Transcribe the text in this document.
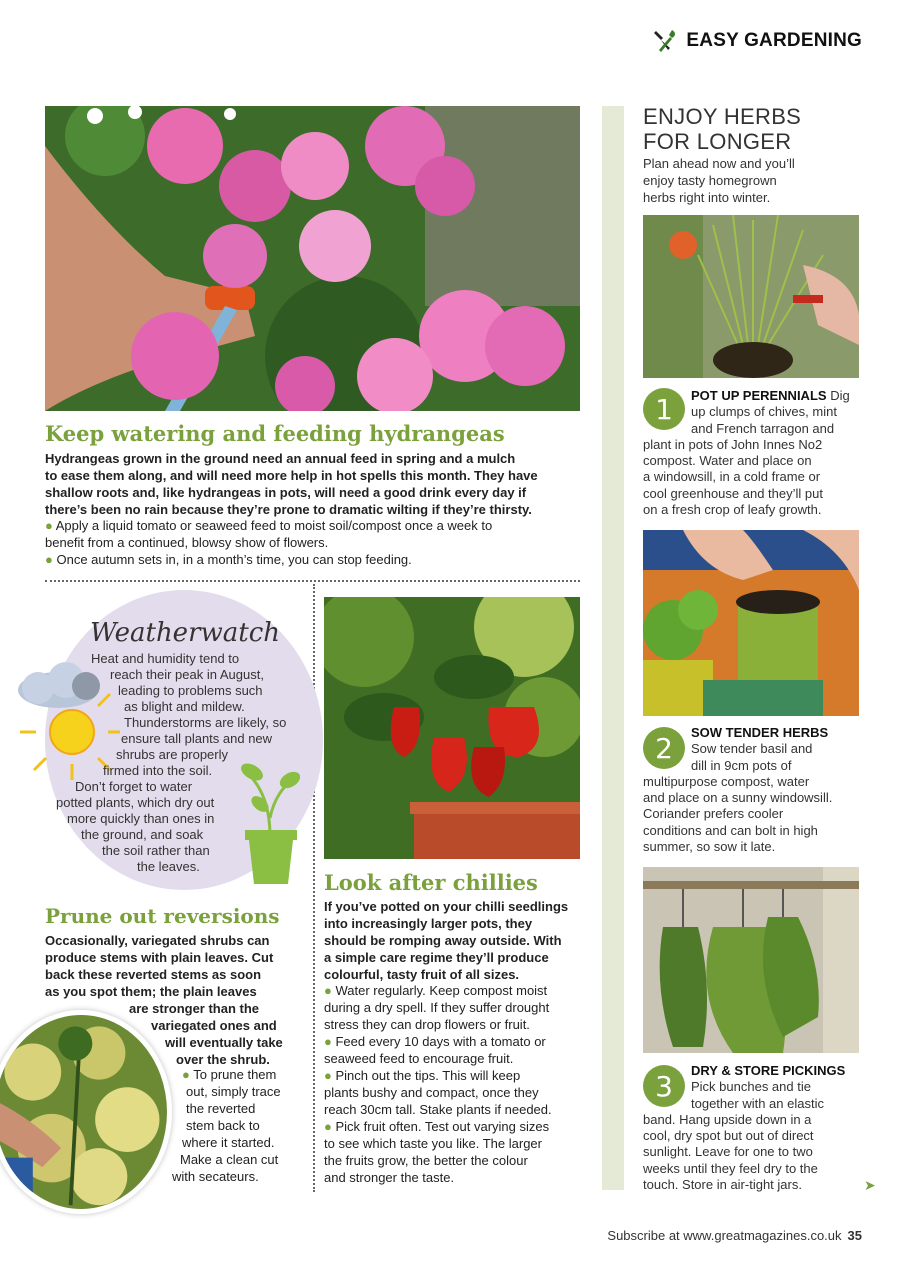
EASY GARDENING
Keep watering and feeding hydrangeas
Hydrangeas grown in the ground need an annual feed in spring and a mulch
to ease them along, and will need more help in hot spells this month. They have
shallow roots and, like hydrangeas in pots, will need a good drink every day if
there’s been no rain because they’re prone to dramatic wilting if they’re thirsty.
● Apply a liquid tomato or seaweed feed to moist soil/compost once a week to
benefit from a continued, blowsy show of flowers.
● Once autumn sets in, in a month’s time, you can stop feeding.
Weatherwatch
Heat and humidity tend to
reach their peak in August,
leading to problems such
as blight and mildew.
Thunderstorms are likely, so
ensure tall plants and new
shrubs are properly
firmed into the soil.
Don’t forget to water
potted plants, which dry out
more quickly than ones in
the ground, and soak
the soil rather than
the leaves.
Prune out reversions
Occasionally, variegated shrubs can
produce stems with plain leaves. Cut
back these reverted stems as soon
as you spot them; the plain leaves
are stronger than the
variegated ones and
will eventually take
over the shrub.
● To prune them
out, simply trace
the reverted
stem back to
where it started.
Make a clean cut
with secateurs.
Look after chillies
If you’ve potted on your chilli seedlings
into increasingly larger pots, they
should be romping away outside. With
a simple care regime they’ll produce
colourful, tasty fruit of all sizes.
● Water regularly. Keep compost moist
during a dry spell. If they suffer drought
stress they can drop flowers or fruit.
● Feed every 10 days with a tomato or
seaweed feed to encourage fruit.
● Pinch out the tips. This will keep
plants bushy and compact, once they
reach 30cm tall. Stake plants if needed.
● Pick fruit often. Test out varying sizes
to see which taste you like. The larger
the fruits grow, the better the colour
and stronger the taste.
ENJOY HERBS
FOR LONGER
Plan ahead now and you’ll
enjoy tasty homegrown
herbs right into winter.
1	POT UP PERENNIALS Dig
up clumps of chives, mint
and French tarragon and
plant in pots of John Innes No2
compost. Water and place on
a windowsill, in a cold frame or
cool greenhouse and they’ll put
on a fresh crop of leafy growth.
2	SOW TENDER HERBS
Sow tender basil and
dill in 9cm pots of
multipurpose compost, water
and place on a sunny windowsill.
Coriander prefers cooler
conditions and can bolt in high
summer, so sow it late.
3	DRY & STORE PICKINGS
Pick bunches and tie
together with an elastic
band. Hang upside down in a
cool, dry spot but out of direct
sunlight. Leave for one to two
weeks until they feel dry to the
touch. Store in air-tight jars.	➤
Subscribe at www.greatmagazines.co.uk 35
